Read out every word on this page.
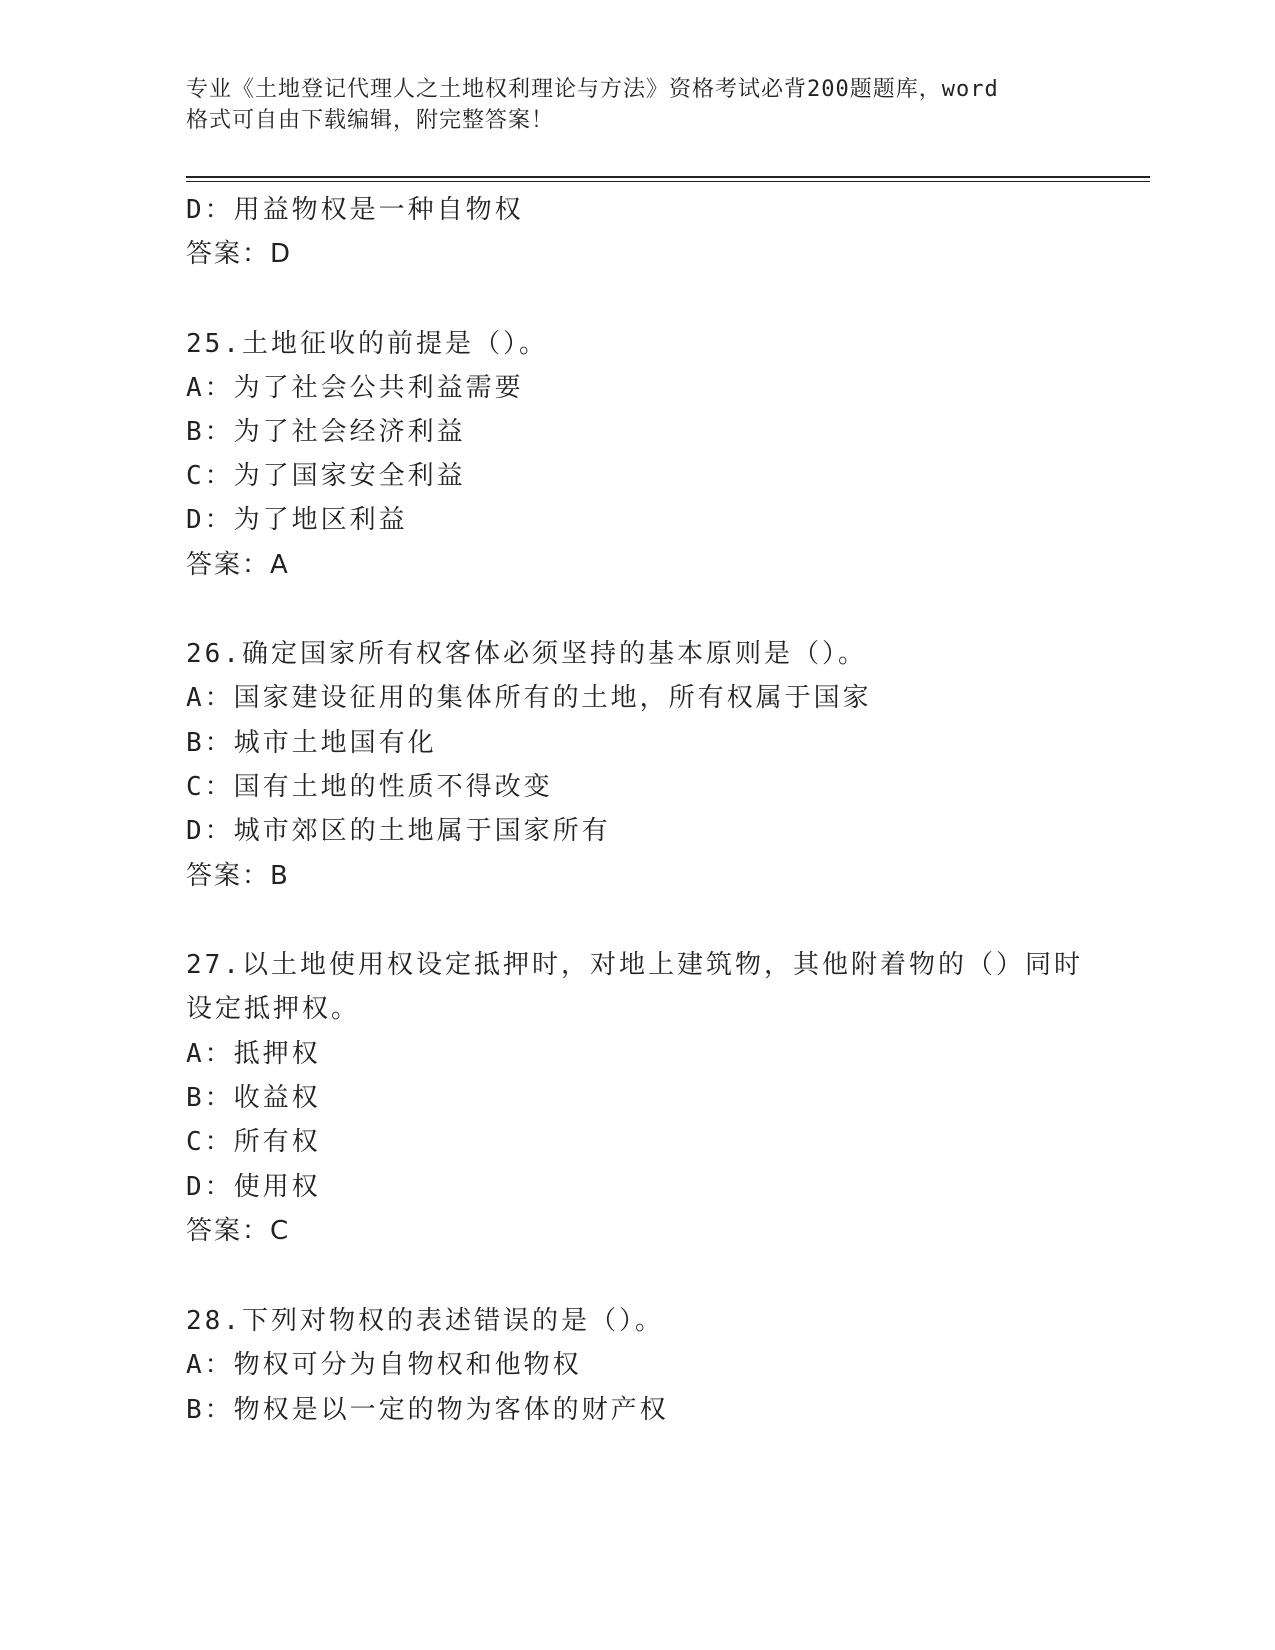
专业《土地登记代理人之土地权利理论与方法》资格考试必背200题题库，word
格式可自由下载编辑，附完整答案！
D：用益物权是一种自物权
答案：D
25.土地征收的前提是（）。
A：为了社会公共利益需要
B：为了社会经济利益
C：为了国家安全利益
D：为了地区利益
答案：A
26.确定国家所有权客体必须坚持的基本原则是（）。
A：国家建设征用的集体所有的土地，所有权属于国家
B：城市土地国有化
C：国有土地的性质不得改变
D：城市郊区的土地属于国家所有
答案：B
27.以土地使用权设定抵押时，对地上建筑物，其他附着物的（）同时
设定抵押权。
A：抵押权
B：收益权
C：所有权
D：使用权
答案：C
28.下列对物权的表述错误的是（）。
A：物权可分为自物权和他物权
B：物权是以一定的物为客体的财产权
